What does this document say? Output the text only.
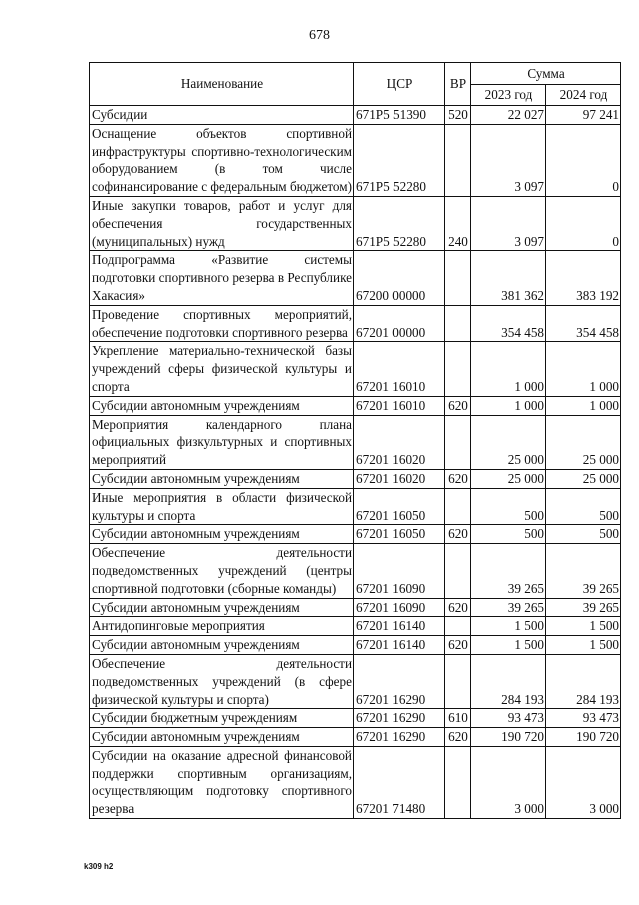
678
Наименование	ЦСР	ВР	Сумма	
			2023 год	2024 год
Субсидии	671P5 51390	520	22 027	97 241
Оснащение объектов спортивной инфраструктуры спортивно-технологическим оборудованием (в том числе софинансирование с федеральным бюджетом)	671P5 52280		3 097	0
Иные закупки товаров, работ и услуг для обеспечения государственных (муниципальных) нужд	671P5 52280	240	3 097	0
Подпрограмма «Развитие системы подготовки спортивного резерва в Республике Хакасия»	67200 00000		381 362	383 192
Проведение спортивных мероприятий, обеспечение подготовки спортивного резерва	67201 00000		354 458	354 458
Укрепление материально-технической базы учреждений сферы физической культуры и спорта	67201 16010		1 000	1 000
Субсидии автономным учреждениям	67201 16010	620	1 000	1 000
Мероприятия календарного плана официальных физкультурных и спортивных мероприятий	67201 16020		25 000	25 000
Субсидии автономным учреждениям	67201 16020	620	25 000	25 000
Иные мероприятия в области физической культуры и спорта	67201 16050		500	500
Субсидии автономным учреждениям	67201 16050	620	500	500
Обеспечение деятельности подведомственных учреждений (центры спортивной подготовки (сборные команды)	67201 16090		39 265	39 265
Субсидии автономным учреждениям	67201 16090	620	39 265	39 265
Антидопинговые мероприятия	67201 16140		1 500	1 500
Субсидии автономным учреждениям	67201 16140	620	1 500	1 500
Обеспечение деятельности подведомственных учреждений (в сфере физической культуры и спорта)	67201 16290		284 193	284 193
Субсидии бюджетным учреждениям	67201 16290	610	93 473	93 473
Субсидии автономным учреждениям	67201 16290	620	190 720	190 720
Субсидии на оказание адресной финансовой поддержки спортивным организациям, осуществляющим подготовку спортивного резерва	67201 71480		3 000	3 000
k309 h2
